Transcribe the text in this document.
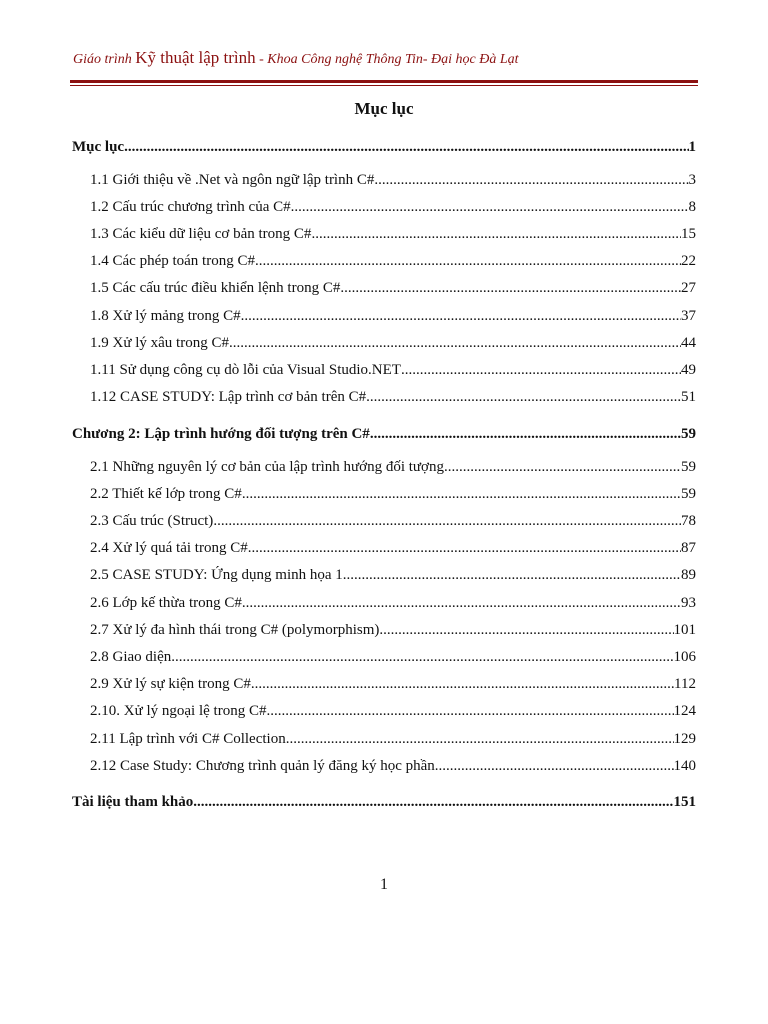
Giáo trình Kỹ thuật lập trình - Khoa Công nghệ Thông Tin- Đại học Đà Lạt
Mục lục
Mục lục .....	1
1.1 Giới thiệu về .Net và ngôn ngữ lập trình C# .....	3
1.2 Cấu trúc chương trình của C# .....	8
1.3 Các kiểu dữ liệu cơ bản trong C# .....	15
1.4 Các phép toán trong C# .....	22
1.5 Các cấu trúc điều khiển lệnh trong C# .....	27
1.8 Xử lý mảng trong C# .....	37
1.9 Xử lý xâu trong C# .....	44
1.11 Sử dụng công cụ dò lỗi của Visual Studio.NET .....	49
1.12 CASE STUDY: Lập trình cơ bản trên C# .....	51
Chương 2: Lập trình hướng đối tượng trên C# .....	59
2.1 Những nguyên lý cơ bản của lập trình hướng đối tượng .....	59
2.2 Thiết kế lớp trong C# .....	59
2.3 Cấu trúc (Struct) .....	78
2.4 Xử lý quá tải trong C# .....	87
2.5 CASE STUDY: Ứng dụng minh họa 1 .....	89
2.6 Lớp kế thừa trong C# .....	93
2.7 Xử lý đa hình thái trong C# (polymorphism) .....	101
2.8 Giao diện .....	106
2.9 Xử lý sự kiện trong C# .....	112
2.10. Xử lý ngoại lệ trong C# .....	124
2.11 Lập trình với C# Collection .....	129
2.12 Case Study: Chương trình quản lý đăng ký học phần .....	140
Tài liệu tham khảo .....	151
1
